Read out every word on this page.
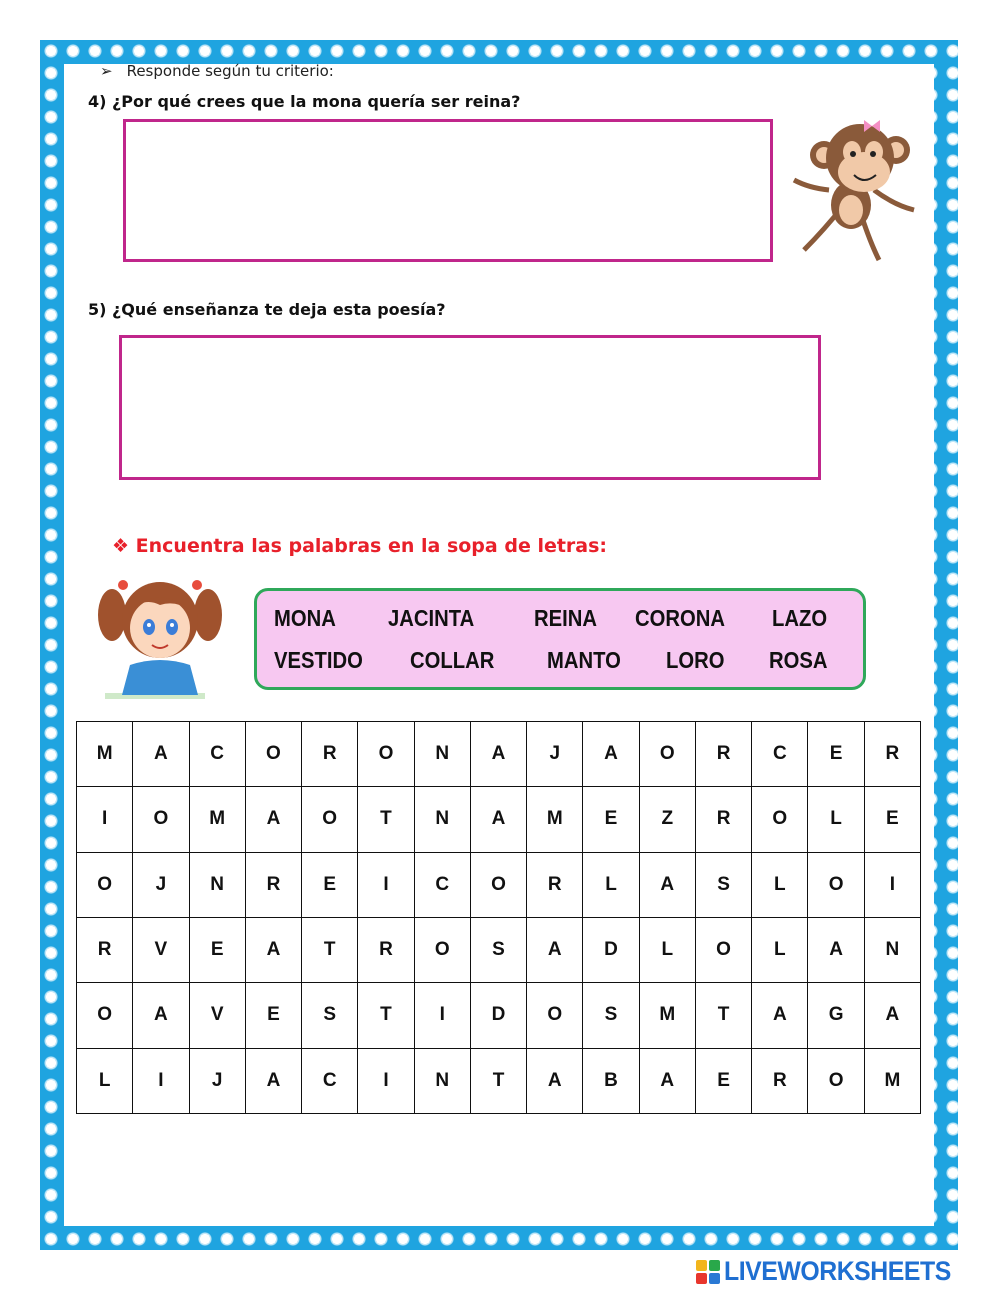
➢ Responde según tu criterio:
4) ¿Por qué crees que la mona quería ser reina?
5) ¿Qué enseñanza te deja esta poesía?
❖ Encuentra las palabras en la sopa de letras:
MONA JACINTA	REINA CORONA LAZO
VESTIDO COLLAR MANTO LORO ROSA
M	A	C	O	R	O	N	A	J	A	O	R	C	E	R
I	O	M	A	O	T	N	A	M	E	Z	R	O	L	E
O	J	N	R	E	I	C	O	R	L	A	S	L	O	I
R	V	E	A	T	R	O	S	A	D	L	O	L	A	N
O	A	V	E	S	T	I	D	O	S	M	T	A	G	A
L	I	J	A	C	I	N	T	A	B	A	E	R	O	M
LIVEWORKSHEETS
